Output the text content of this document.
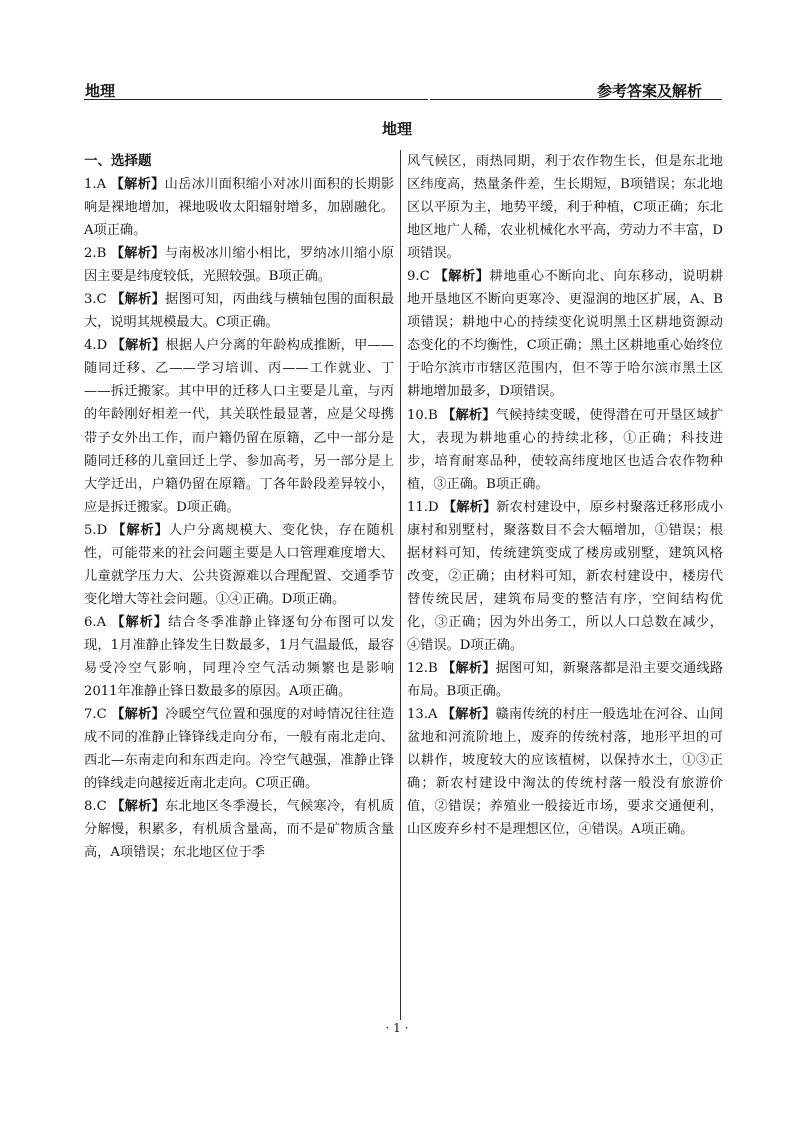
地理	参考答案及解析
地理
一、选择题
1.A 【解析】山岳冰川面积缩小对冰川面积的长期影响是裸地增加，裸地吸收太阳辐射增多，加剧融化。A项正确。
2.B 【解析】与南极冰川缩小相比，罗纳冰川缩小原因主要是纬度较低，光照较强。B项正确。
3.C 【解析】据图可知，丙曲线与横轴包围的面积最大，说明其规模最大。C项正确。
4.D 【解析】根据人户分离的年龄构成推断，甲——随同迁移、乙——学习培训、丙——工作就业、丁——拆迁搬家。其中甲的迁移人口主要是儿童，与丙的年龄刚好相差一代，其关联性最显著，应是父母携带子女外出工作，而户籍仍留在原籍，乙中一部分是随同迁移的儿童回迁上学、参加高考，另一部分是上大学迁出，户籍仍留在原籍。丁各年龄段差异较小，应是拆迁搬家。D项正确。
5.D 【解析】人户分离规模大、变化快，存在随机性，可能带来的社会问题主要是人口管理难度增大、儿童就学压力大、公共资源难以合理配置、交通季节变化增大等社会问题。①④正确。D项正确。
6.A 【解析】结合冬季准静止锋逐旬分布图可以发现，1月准静止锋发生日数最多，1月气温最低，最容易受冷空气影响，同理冷空气活动频繁也是影响2011年准静止锋日数最多的原因。A项正确。
7.C 【解析】冷暖空气位置和强度的对峙情况往往造成不同的准静止锋锋线走向分布，一般有南北走向、西北—东南走向和东西走向。冷空气越强，准静止锋的锋线走向越接近南北走向。C项正确。
8.C 【解析】东北地区冬季漫长，气候寒冷，有机质分解慢，积累多，有机质含量高，而不是矿物质含量高，A项错误；东北地区位于季
风气候区，雨热同期，利于农作物生长，但是东北地区纬度高，热量条件差，生长期短，B项错误；东北地区以平原为主，地势平缓，利于种植，C项正确；东北地区地广人稀，农业机械化水平高，劳动力不丰富，D项错误。
9.C 【解析】耕地重心不断向北、向东移动，说明耕地开垦地区不断向更寒冷、更湿润的地区扩展，A、B项错误；耕地中心的持续变化说明黑土区耕地资源动态变化的不均衡性，C项正确；黑土区耕地重心始终位于哈尔滨市市辖区范围内，但不等于哈尔滨市黑土区耕地增加最多，D项错误。
10.B 【解析】气候持续变暖，使得潜在可开垦区域扩大，表现为耕地重心的持续北移，①正确；科技进步，培育耐寒品种，使较高纬度地区也适合农作物种植，③正确。B项正确。
11.D 【解析】新农村建设中，原乡村聚落迁移形成小康村和别墅村，聚落数目不会大幅增加，①错误；根据材料可知，传统建筑变成了楼房或别墅，建筑风格改变，②正确；由材料可知，新农村建设中，楼房代替传统民居，建筑布局变的整洁有序，空间结构优化，③正确；因为外出务工，所以人口总数在减少，④错误。D项正确。
12.B 【解析】据图可知，新聚落都是沿主要交通线路布局。B项正确。
13.A 【解析】赣南传统的村庄一般选址在河谷、山间盆地和河流阶地上，废弃的传统村落，地形平坦的可以耕作，坡度较大的应该植树，以保持水土，①③正确；新农村建设中淘汰的传统村落一般没有旅游价值，②错误；养殖业一般接近市场，要求交通便利，山区废弃乡村不是理想区位，④错误。A项正确。
· 1 ·
